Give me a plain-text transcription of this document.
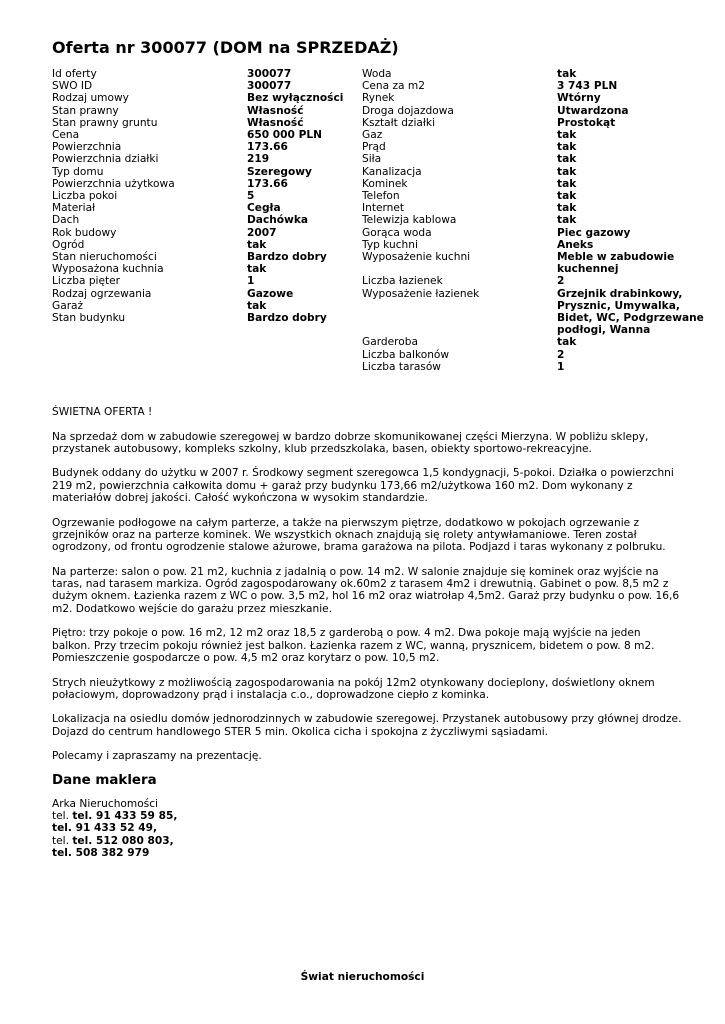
Oferta nr 300077 (DOM na SPRZEDAŻ)
Id oferty	300077
SWO ID	300077
Rodzaj umowy	Bez wyłączności
Stan prawny	Własność
Stan prawny gruntu	Własność
Cena	650 000 PLN
Powierzchnia	173.66
Powierzchnia działki	219
Typ domu	Szeregowy
Powierzchnia użytkowa	173.66
Liczba pokoi	5
Materiał	Cegła
Dach	Dachówka
Rok budowy	2007
Ogród	tak
Stan nieruchomości	Bardzo dobry
Wyposażona kuchnia	tak
Liczba pięter	1
Rodzaj ogrzewania	Gazowe
Garaż	tak
Stan budynku	Bardzo dobry
Woda	tak
Cena za m2	3 743 PLN
Rynek	Wtórny
Droga dojazdowa	Utwardzona
Kształt działki	Prostokąt
Gaz	tak
Prąd	tak
Siła	tak
Kanalizacja	tak
Kominek	tak
Telefon	tak
Internet	tak
Telewizja kablowa	tak
Gorąca woda	Piec gazowy
Typ kuchni	Aneks
Wyposażenie kuchni	Meble w zabudowie kuchennej
Liczba łazienek	2
Wyposażenie łazienek	Grzejnik drabinkowy, Prysznic, Umywalka, Bidet, WC, Podgrzewane podłogi, Wanna
Garderoba	tak
Liczba balkonów	2
Liczba tarasów	1

ŚWIETNA OFERTA !

Na sprzedaż dom w zabudowie szeregowej w bardzo dobrze skomunikowanej części Mierzyna. W pobliżu sklepy, przystanek autobusowy, kompleks szkolny, klub przedszkolaka, basen, obiekty sportowo-rekreacyjne.

Budynek oddany do użytku w 2007 r. Środkowy segment szeregowca 1,5 kondygnacji, 5-pokoi. Działka o powierzchni 219 m2, powierzchnia całkowita domu + garaż przy budynku 173,66 m2/użytkowa 160 m2. Dom wykonany z materiałów dobrej jakości. Całość wykończona w wysokim standardzie.

Ogrzewanie podłogowe na całym parterze, a także na pierwszym piętrze, dodatkowo w pokojach ogrzewanie z grzejników oraz na parterze kominek. We wszystkich oknach znajdują się rolety antywłamaniowe. Teren został ogrodzony, od frontu ogrodzenie stalowe ażurowe, brama garażowa na pilota. Podjazd i taras wykonany z polbruku.

Na parterze: salon o pow. 21 m2, kuchnia z jadalnią o pow. 14 m2. W salonie znajduje się kominek oraz wyjście na taras, nad tarasem markiza. Ogród zagospodarowany ok.60m2 z tarasem 4m2 i drewutnią. Gabinet o pow. 8,5 m2 z dużym oknem. Łazienka razem z WC o pow. 3,5 m2, hol 16 m2 oraz wiatrołap 4,5m2. Garaż przy budynku o pow. 16,6 m2. Dodatkowo wejście do garażu przez mieszkanie.

Piętro: trzy pokoje o pow. 16 m2, 12 m2 oraz 18,5 z garderobą o pow. 4 m2. Dwa pokoje mają wyjście na jeden balkon. Przy trzecim pokoju również jest balkon. Łazienka razem z WC, wanną, prysznicem, bidetem o pow. 8 m2. Pomieszczenie gospodarcze o pow. 4,5 m2 oraz korytarz o pow. 10,5 m2.

Strych nieużytkowy z możliwością zagospodarowania na pokój 12m2 otynkowany docieplony, doświetlony oknem połaciowym, doprowadzony prąd i instalacja c.o., doprowadzone ciepło z kominka.

Lokalizacja na osiedlu domów jednorodzinnych w zabudowie szeregowej. Przystanek autobusowy przy głównej drodze. Dojazd do centrum handlowego STER 5 min. Okolica cicha i spokojna z życzliwymi sąsiadami.

Polecamy i zapraszamy na prezentację.

Dane maklera
Arka Nieruchomości
tel. tel. 91 433 59 85,
tel. 91 433 52 49,
tel. tel. 512 080 803,
tel. 508 382 979
Świat nieruchomości
